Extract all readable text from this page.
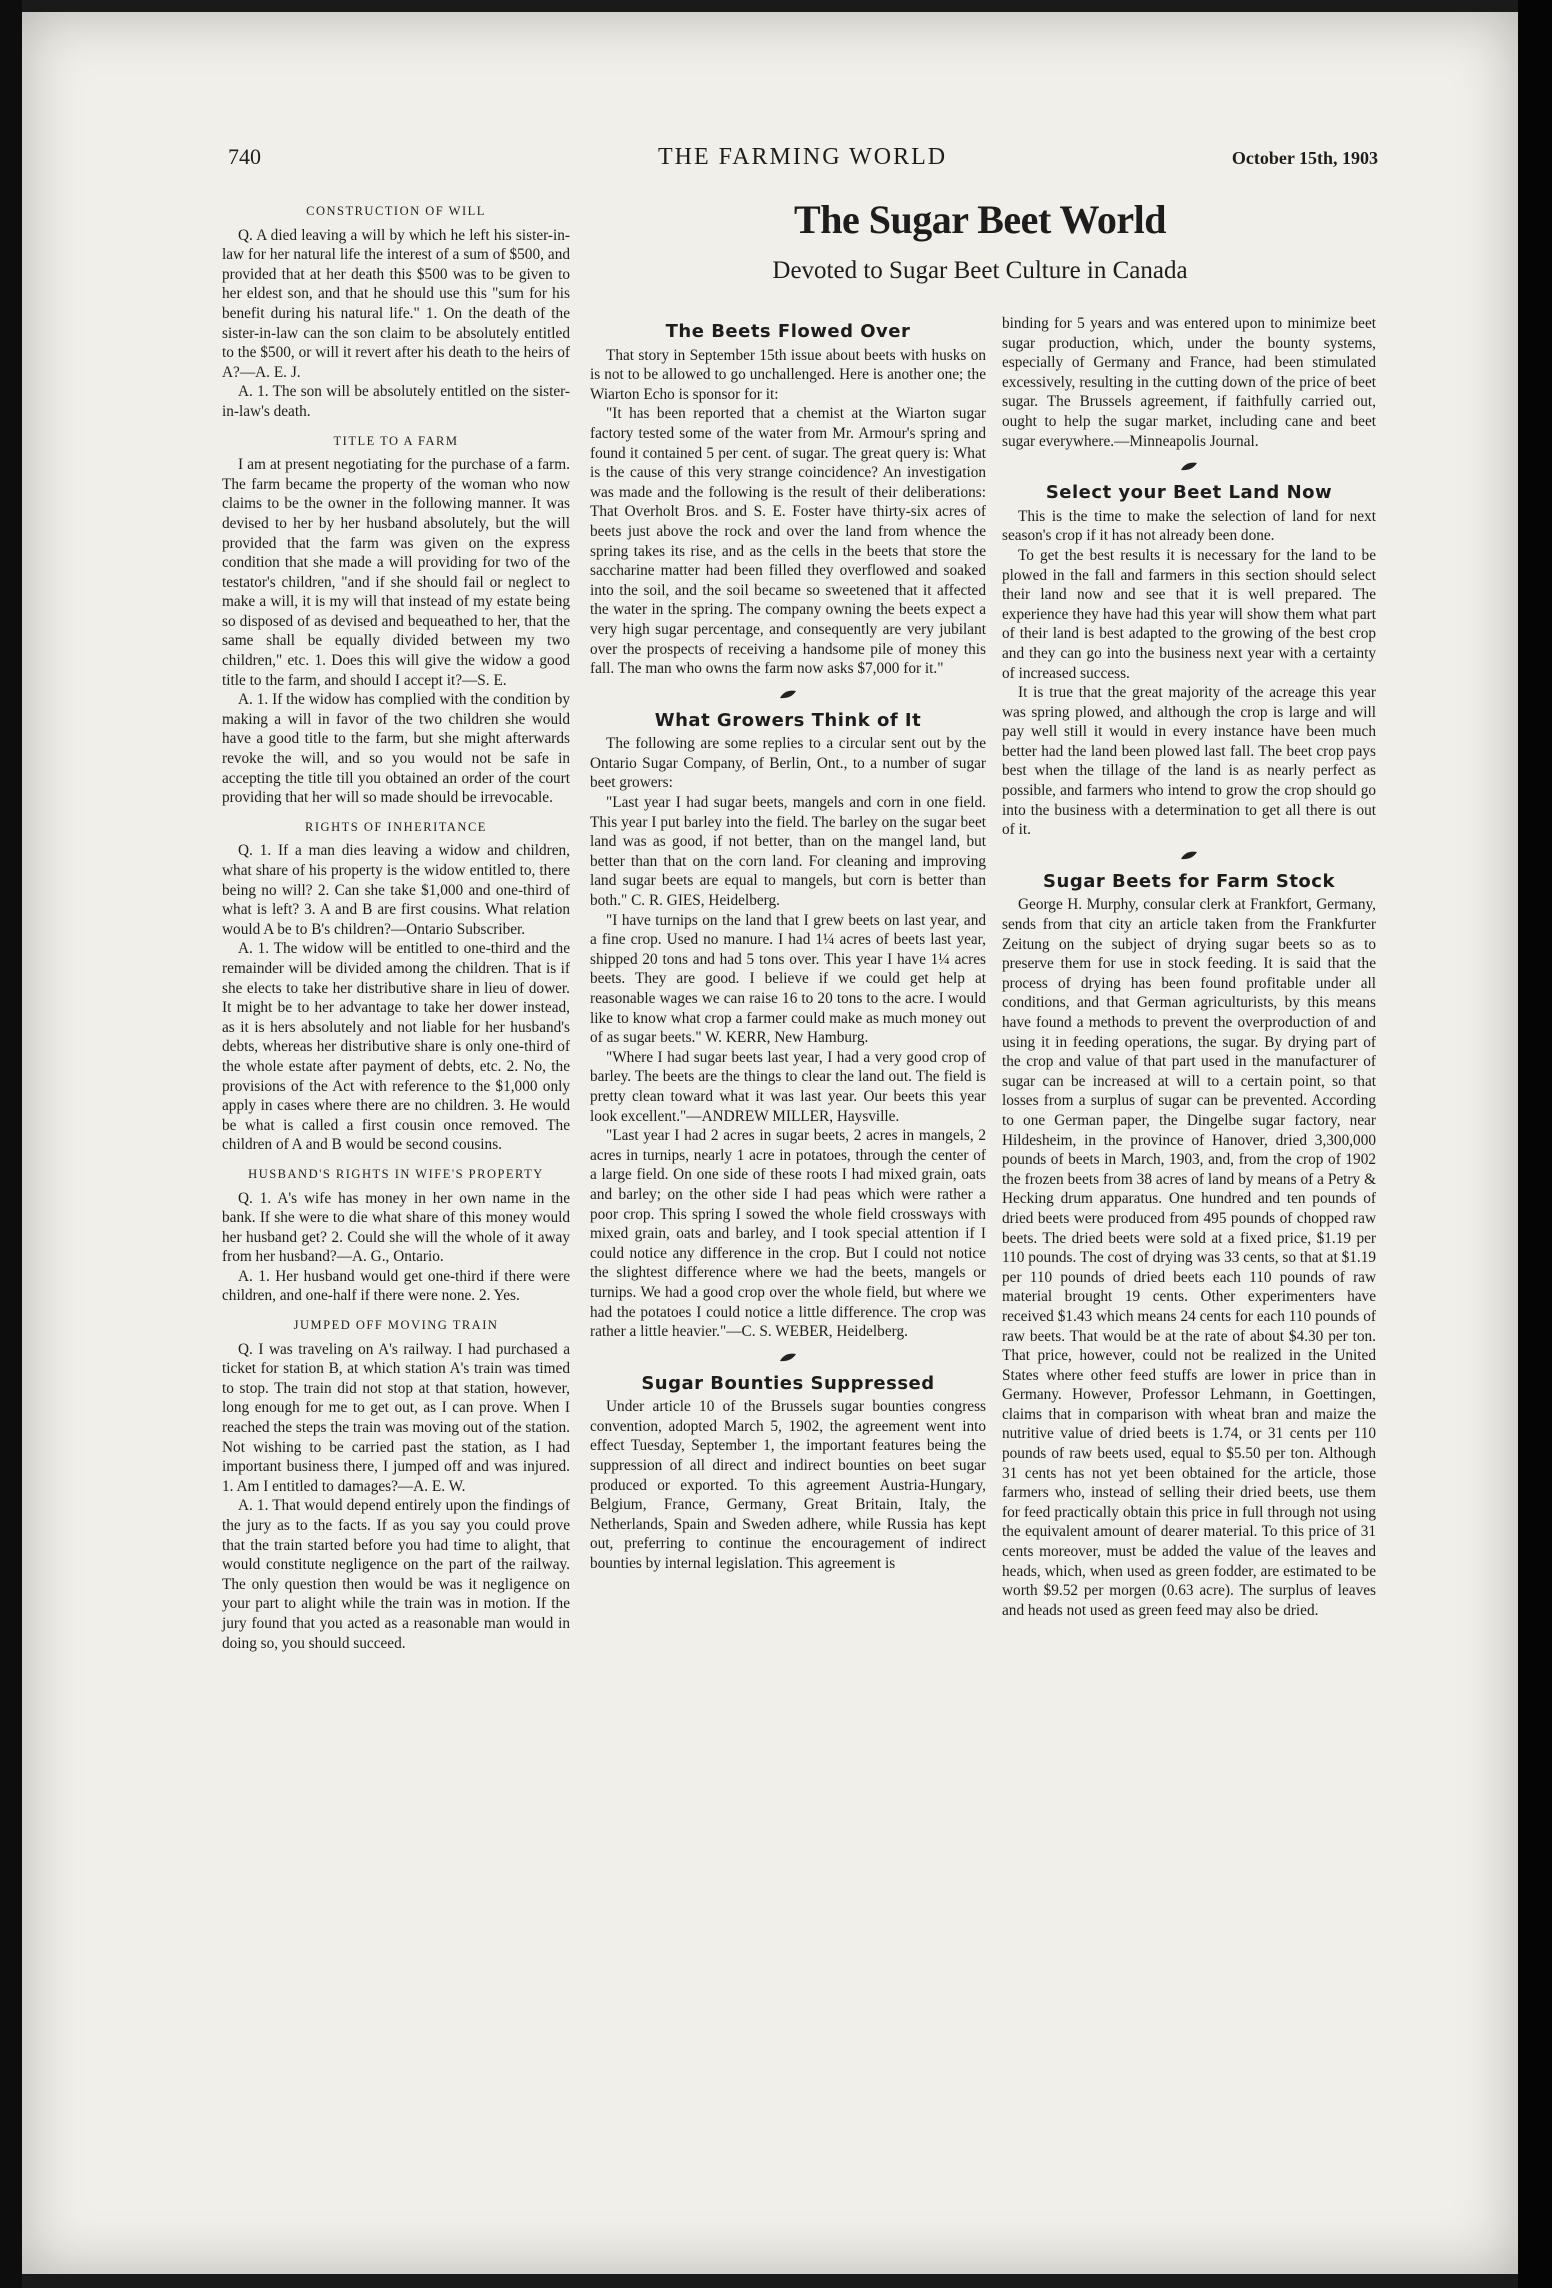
740	THE FARMING WORLD	October 15th, 1903
CONSTRUCTION OF WILL

Q. A died leaving a will by which he left his sister-in-law for her natural life the interest of a sum of $500, and provided that at her death this $500 was to be given to her eldest son, and that he should use this "sum for his benefit during his natural life." 1. On the death of the sister-in-law can the son claim to be absolutely entitled to the $500, or will it revert after his death to the heirs of A?—A. E. J.

A. 1. The son will be absolutely entitled on the sister-in-law's death.

TITLE TO A FARM

I am at present negotiating for the purchase of a farm. The farm became the property of the woman who now claims to be the owner in the following manner. It was devised to her by her husband absolutely, but the will provided that the farm was given on the express condition that she made a will providing for two of the testator's children, "and if she should fail or neglect to make a will, it is my will that instead of my estate being so disposed of as devised and bequeathed to her, that the same shall be equally divided between my two children," etc. 1. Does this will give the widow a good title to the farm, and should I accept it?—S. E.

A. 1. If the widow has complied with the condition by making a will in favor of the two children she would have a good title to the farm, but she might afterwards revoke the will, and so you would not be safe in accepting the title till you obtained an order of the court providing that her will so made should be irrevocable.

RIGHTS OF INHERITANCE

Q. 1. If a man dies leaving a widow and children, what share of his property is the widow entitled to, there being no will? 2. Can she take $1,000 and one-third of what is left? 3. A and B are first cousins. What relation would A be to B's children?—Ontario Subscriber.

A. 1. The widow will be entitled to one-third and the remainder will be divided among the children. That is if she elects to take her distributive share in lieu of dower. It might be to her advantage to take her dower instead, as it is hers absolutely and not liable for her husband's debts, whereas her distributive share is only one-third of the whole estate after payment of debts, etc. 2. No, the provisions of the Act with reference to the $1,000 only apply in cases where there are no children. 3. He would be what is called a first cousin once removed. The children of A and B would be second cousins.

HUSBAND'S RIGHTS IN WIFE'S PROPERTY

Q. 1. A's wife has money in her own name in the bank. If she were to die what share of this money would her husband get? 2. Could she will the whole of it away from her husband?—A. G., Ontario.

A. 1. Her husband would get one-third if there were children, and one-half if there were none. 2. Yes.

JUMPED OFF MOVING TRAIN

Q. I was traveling on A's railway. I had purchased a ticket for station B, at which station A's train was timed to stop. The train did not stop at that station, however, long enough for me to get out, as I can prove. When I reached the steps the train was moving out of the station. Not wishing to be carried past the station, as I had important business there, I jumped off and was injured. 1. Am I entitled to damages?—A. E. W.

A. 1. That would depend entirely upon the findings of the jury as to the facts. If as you say you could prove that the train started before you had time to alight, that would constitute negligence on the part of the railway. The only question then would be was it negligence on your part to alight while the train was in motion. If the jury found that you acted as a reasonable man would in doing so, you should succeed.

The Sugar Beet World
Devoted to Sugar Beet Culture in Canada
The Beets Flowed Over

That story in September 15th issue about beets with husks on is not to be allowed to go unchallenged. Here is another one; the Wiarton Echo is sponsor for it:

"It has been reported that a chemist at the Wiarton sugar factory tested some of the water from Mr. Armour's spring and found it contained 5 per cent. of sugar. The great query is: What is the cause of this very strange coincidence? An investigation was made and the following is the result of their deliberations: That Overholt Bros. and S. E. Foster have thirty-six acres of beets just above the rock and over the land from whence the spring takes its rise, and as the cells in the beets that store the saccharine matter had been filled they overflowed and soaked into the soil, and the soil became so sweetened that it affected the water in the spring. The company owning the beets expect a very high sugar percentage, and consequently are very jubilant over the prospects of receiving a handsome pile of money this fall. The man who owns the farm now asks $7,000 for it."

What Growers Think of It

The following are some replies to a circular sent out by the Ontario Sugar Company, of Berlin, Ont., to a number of sugar beet growers:

"Last year I had sugar beets, mangels and corn in one field. This year I put barley into the field. The barley on the sugar beet land was as good, if not better, than on the mangel land, but better than that on the corn land. For cleaning and improving land sugar beets are equal to mangels, but corn is better than both." C. R. GIES, Heidelberg.

"I have turnips on the land that I grew beets on last year, and a fine crop. Used no manure. I had 1¼ acres of beets last year, shipped 20 tons and had 5 tons over. This year I have 1¼ acres beets. They are good. I believe if we could get help at reasonable wages we can raise 16 to 20 tons to the acre. I would like to know what crop a farmer could make as much money out of as sugar beets." W. KERR, New Hamburg.

"Where I had sugar beets last year, I had a very good crop of barley. The beets are the things to clear the land out. The field is pretty clean toward what it was last year. Our beets this year look excellent."—ANDREW MILLER, Haysville.

"Last year I had 2 acres in sugar beets, 2 acres in mangels, 2 acres in turnips, nearly 1 acre in potatoes, through the center of a large field. On one side of these roots I had mixed grain, oats and barley; on the other side I had peas which were rather a poor crop. This spring I sowed the whole field crossways with mixed grain, oats and barley, and I took special attention if I could notice any difference in the crop. But I could not notice the slightest difference where we had the beets, mangels or turnips. We had a good crop over the whole field, but where we had the potatoes I could notice a little difference. The crop was rather a little heavier."—C. S. WEBER, Heidelberg.

Sugar Bounties Suppressed

Under article 10 of the Brussels sugar bounties congress convention, adopted March 5, 1902, the agreement went into effect Tuesday, September 1, the important features being the suppression of all direct and indirect bounties on beet sugar produced or exported. To this agreement Austria-Hungary, Belgium, France, Germany, Great Britain, Italy, the Netherlands, Spain and Sweden adhere, while Russia has kept out, preferring to continue the encouragement of indirect bounties by internal legislation. This agreement is

binding for 5 years and was entered upon to minimize beet sugar production, which, under the bounty systems, especially of Germany and France, had been stimulated excessively, resulting in the cutting down of the price of beet sugar. The Brussels agreement, if faithfully carried out, ought to help the sugar market, including cane and beet sugar everywhere.—Minneapolis Journal.

Select your Beet Land Now

This is the time to make the selection of land for next season's crop if it has not already been done.

To get the best results it is necessary for the land to be plowed in the fall and farmers in this section should select their land now and see that it is well prepared. The experience they have had this year will show them what part of their land is best adapted to the growing of the best crop and they can go into the business next year with a certainty of increased success.

It is true that the great majority of the acreage this year was spring plowed, and although the crop is large and will pay well still it would in every instance have been much better had the land been plowed last fall. The beet crop pays best when the tillage of the land is as nearly perfect as possible, and farmers who intend to grow the crop should go into the business with a determination to get all there is out of it.

Sugar Beets for Farm Stock

George H. Murphy, consular clerk at Frankfort, Germany, sends from that city an article taken from the Frankfurter Zeitung on the subject of drying sugar beets so as to preserve them for use in stock feeding. It is said that the process of drying has been found profitable under all conditions, and that German agriculturists, by this means have found a methods to prevent the overproduction of and using it in feeding operations, the sugar. By drying part of the crop and value of that part used in the manufacturer of sugar can be increased at will to a certain point, so that losses from a surplus of sugar can be prevented. According to one German paper, the Dingelbe sugar factory, near Hildesheim, in the province of Hanover, dried 3,300,000 pounds of beets in March, 1903, and, from the crop of 1902 the frozen beets from 38 acres of land by means of a Petry & Hecking drum apparatus. One hundred and ten pounds of dried beets were produced from 495 pounds of chopped raw beets. The dried beets were sold at a fixed price, $1.19 per 110 pounds. The cost of drying was 33 cents, so that at $1.19 per 110 pounds of dried beets each 110 pounds of raw material brought 19 cents. Other experimenters have received $1.43 which means 24 cents for each 110 pounds of raw beets. That would be at the rate of about $4.30 per ton. That price, however, could not be realized in the United States where other feed stuffs are lower in price than in Germany. However, Professor Lehmann, in Goettingen, claims that in comparison with wheat bran and maize the nutritive value of dried beets is 1.74, or 31 cents per 110 pounds of raw beets used, equal to $5.50 per ton. Although 31 cents has not yet been obtained for the article, those farmers who, instead of selling their dried beets, use them for feed practically obtain this price in full through not using the equivalent amount of dearer material. To this price of 31 cents moreover, must be added the value of the leaves and heads, which, when used as green fodder, are estimated to be worth $9.52 per morgen (0.63 acre). The surplus of leaves and heads not used as green feed may also be dried.
